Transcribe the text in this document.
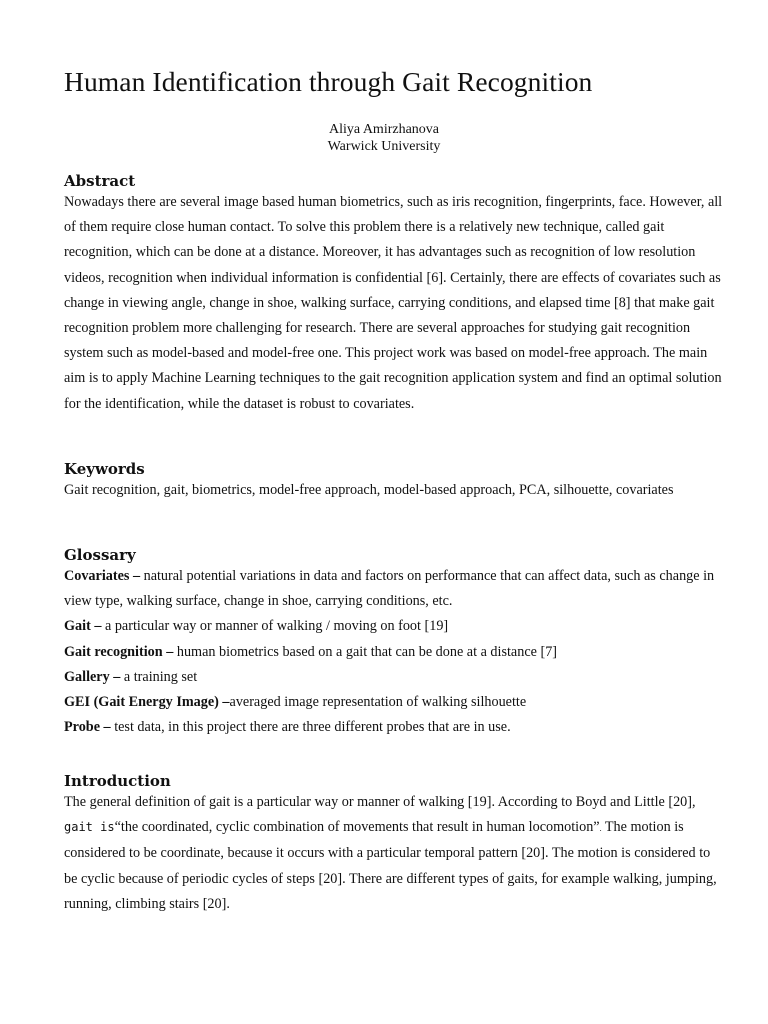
Human Identification through Gait Recognition
Aliya Amirzhanova
Warwick University
Abstract

Nowadays there are several image based human biometrics, such as iris recognition, fingerprints, face. However, all of them require close human contact. To solve this problem there is a relatively new technique, called gait recognition, which can be done at a distance. Moreover, it has advantages such as recognition of low resolution videos, recognition when individual information is confidential [6]. Certainly, there are effects of covariates such as change in viewing angle, change in shoe, walking surface, carrying conditions, and elapsed time [8] that make gait recognition problem more challenging for research. There are several approaches for studying gait recognition system such as model-based and model-free one. This project work was based on model-free approach. The main aim is to apply Machine Learning techniques to the gait recognition application system and find an optimal solution for the identification, while the dataset is robust to covariates.

Keywords

Gait recognition, gait, biometrics, model-free approach, model-based approach, PCA, silhouette, covariates

Glossary
Covariates – natural potential variations in data and factors on performance that can affect data, such as change in view type, walking surface, change in shoe, carrying conditions, etc.
Gait – a particular way or manner of walking / moving on foot [19]
Gait recognition – human biometrics based on a gait that can be done at a distance [7]
Gallery – a training set
GEI (Gait Energy Image) –averaged image representation of walking silhouette
Probe – test data, in this project there are three different probes that are in use.
Introduction

The general definition of gait is a particular way or manner of walking [19]. According to Boyd and Little [20], gait is“the coordinated, cyclic combination of movements that result in human locomotion”. The motion is considered to be coordinate, because it occurs with a particular temporal pattern [20]. The motion is considered to be cyclic because of periodic cycles of steps [20]. There are different types of gaits, for example walking, jumping, running, climbing stairs [20].
